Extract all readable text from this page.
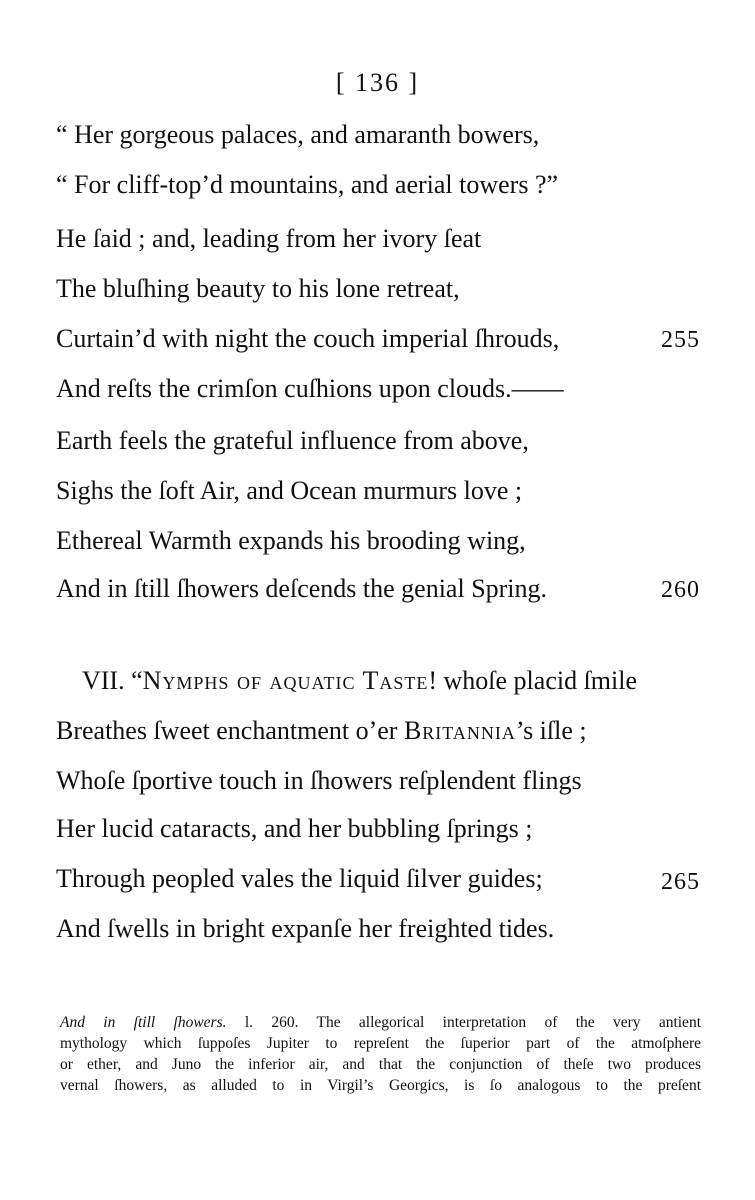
[ 136 ]
“ Her gorgeous palaces, and amaranth bowers,
“ For cliff-top’d mountains, and aerial towers ?”
He ſaid ; and, leading from her ivory ſeat
The bluſhing beauty to his lone retreat,
Curtain’d with night the couch imperial ſhrouds,	255
And reſts the crimſon cuſhions upon clouds.——
Earth feels the grateful influence from above,
Sighs the ſoft Air, and Ocean murmurs love ;
Ethereal Warmth expands his brooding wing,
And in ſtill ſhowers deſcends the genial Spring.	260
VII. “Nymphs of aquatic Taste! whoſe placid ſmile
Breathes ſweet enchantment o’er Britannia’s iſle ;
Whoſe ſportive touch in ſhowers reſplendent flings
Her lucid cataracts, and her bubbling ſprings ;
Through peopled vales the liquid ſilver guides;	265
And ſwells in bright expanſe her freighted tides.
And in ſtill ſhowers. l. 260. The allegorical interpretation of the very antient
mythology which ſuppoſes Jupiter to repreſent the ſuperior part of the atmoſphere
or ether, and Juno the inferior air, and that the conjunction of theſe two produces
vernal ſhowers, as alluded to in Virgil’s Georgics, is ſo analogous to the preſent
